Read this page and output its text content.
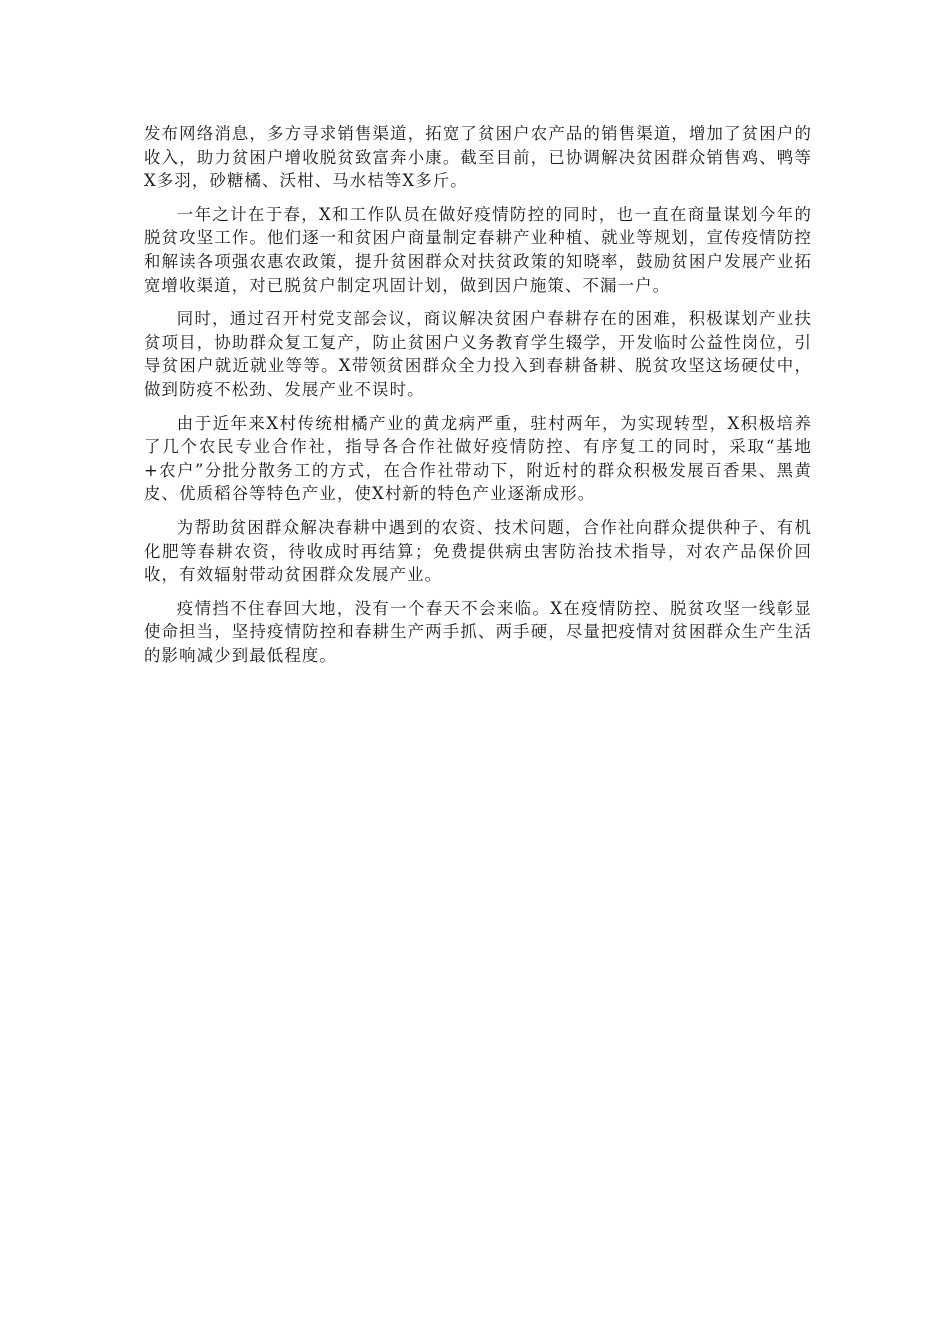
发布网络消息，多方寻求销售渠道，拓宽了贫困户农产品的销售渠道，增加了贫困户的收入，助力贫困户增收脱贫致富奔小康。截至目前，已协调解决贫困群众销售鸡、鸭等X多羽，砂糖橘、沃柑、马水桔等X多斤。

一年之计在于春，X和工作队员在做好疫情防控的同时，也一直在商量谋划今年的脱贫攻坚工作。他们逐一和贫困户商量制定春耕产业种植、就业等规划，宣传疫情防控和解读各项强农惠农政策，提升贫困群众对扶贫政策的知晓率，鼓励贫困户发展产业拓宽增收渠道，对已脱贫户制定巩固计划，做到因户施策、不漏一户。

同时，通过召开村党支部会议，商议解决贫困户春耕存在的困难，积极谋划产业扶贫项目，协助群众复工复产，防止贫困户义务教育学生辍学，开发临时公益性岗位，引导贫困户就近就业等等。X带领贫困群众全力投入到春耕备耕、脱贫攻坚这场硬仗中，做到防疫不松劲、发展产业不误时。

由于近年来X村传统柑橘产业的黄龙病严重，驻村两年，为实现转型，X积极培养了几个农民专业合作社，指导各合作社做好疫情防控、有序复工的同时，采取“基地+农户”分批分散务工的方式，在合作社带动下，附近村的群众积极发展百香果、黑黄皮、优质稻谷等特色产业，使X村新的特色产业逐渐成形。

为帮助贫困群众解决春耕中遇到的农资、技术问题，合作社向群众提供种子、有机化肥等春耕农资，待收成时再结算；免费提供病虫害防治技术指导，对农产品保价回收，有效辐射带动贫困群众发展产业。

疫情挡不住春回大地，没有一个春天不会来临。X在疫情防控、脱贫攻坚一线彰显使命担当，坚持疫情防控和春耕生产两手抓、两手硬，尽量把疫情对贫困群众生产生活的影响减少到最低程度。
